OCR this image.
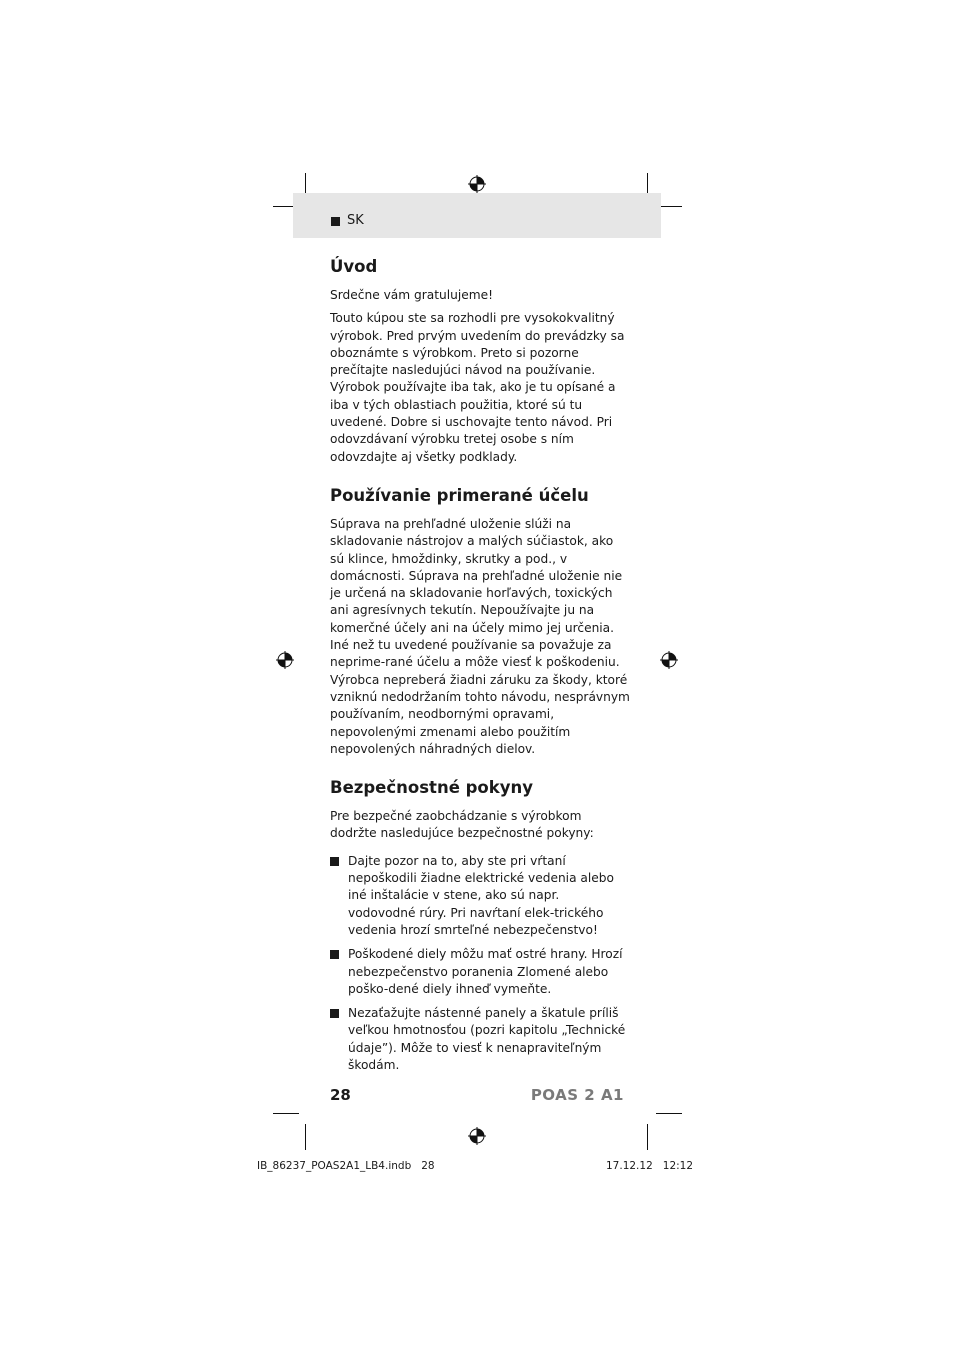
SK
Úvod

Srdečne vám gratulujeme!

Touto kúpou ste sa rozhodli pre vysokokvalitný výrobok. Pred prvým uvedením do prevádzky sa oboznámte s výrobkom. Preto si pozorne prečítajte nasledujúci návod na používanie. Výrobok používajte iba tak, ako je tu opísané a iba v tých oblastiach použitia, ktoré sú tu uvedené. Dobre si uschovajte tento návod. Pri odovzdávaní výrobku tretej osobe s ním odovzdajte aj všetky podklady.

Používanie primerané účelu

Súprava na prehľadné uloženie slúži na skladovanie nástrojov a malých súčiastok, ako sú klince, hmoždinky, skrutky a pod., v domácnosti. Súprava na prehľadné uloženie nie je určená na skladovanie horľavých, toxických ani agresívnych tekutín. Nepoužívajte ju na komerčné účely ani na účely mimo jej určenia. Iné než tu uvedené používanie sa považuje za neprime-rané účelu a môže viesť k poškodeniu. Výrobca nepreberá žiadni záruku za škody, ktoré vzniknú nedodržaním tohto návodu, nesprávnym používaním, neodbornými opravami, nepovolenými zmenami alebo použitím nepovolených náhradných dielov.

Bezpečnostné pokyny

Pre bezpečné zaobchádzanie s výrobkom dodržte nasledujúce bezpečnostné pokyny:

Dajte pozor na to, aby ste pri vŕtaní nepoškodili žiadne elektrické vedenia alebo iné inštalácie v stene, ako sú napr. vodovodné rúry. Pri navŕtaní elek-trického vedenia hrozí smrteľné nebezpečenstvo!
Poškodené diely môžu mať ostré hrany. Hrozí nebezpečenstvo poranenia Zlomené alebo poško-dené diely ihneď vymeňte.
Nezaťažujte nástenné panely a škatule príliš veľkou hmotnosťou (pozri kapitolu „Technické údaje”). Môže to viesť k nenapraviteľným škodám.
28	POAS 2 A1
IB_86237_POAS2A1_LB4.indb   28	17.12.12   12:12
